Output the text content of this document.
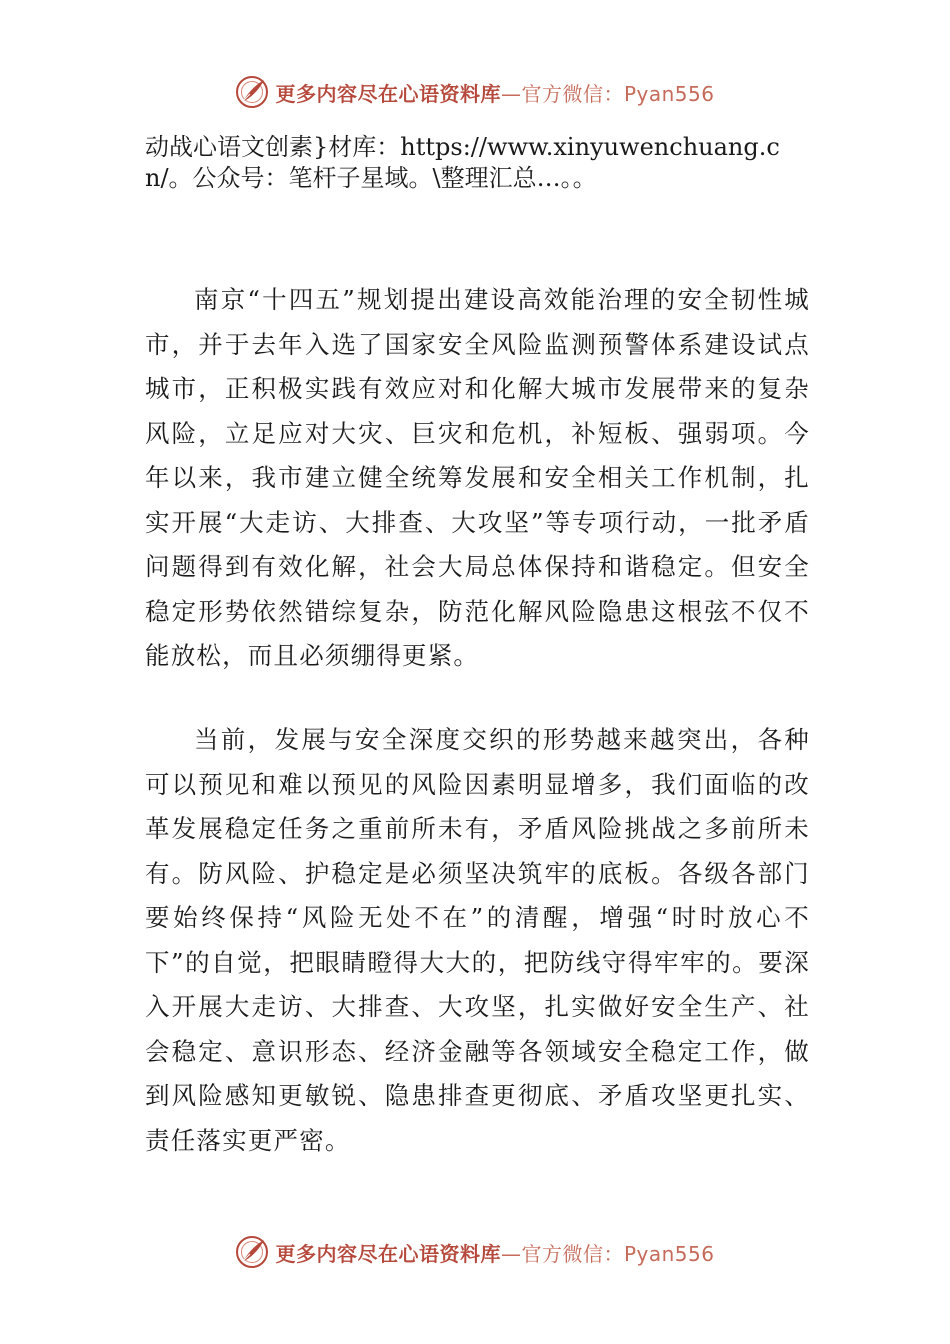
更多内容尽在心语资料库—官方微信：Pyan556

动战心语文创素}材库：https://www.xinyuwenchuang.cn/。公众号：笔杆子星域。\整理汇总…。。

南京“十四五”规划提出建设高效能治理的安全韧性城市，并于去年入选了国家安全风险监测预警体系建设试点城市，正积极实践有效应对和化解大城市发展带来的复杂风险，立足应对大灾、巨灾和危机，补短板、强弱项。今年以来，我市建立健全统筹发展和安全相关工作机制，扎实开展“大走访、大排查、大攻坚”等专项行动，一批矛盾问题得到有效化解，社会大局总体保持和谐稳定。但安全稳定形势依然错综复杂，防范化解风险隐患这根弦不仅不能放松，而且必须绷得更紧。

当前，发展与安全深度交织的形势越来越突出，各种可以预见和难以预见的风险因素明显增多，我们面临的改革发展稳定任务之重前所未有，矛盾风险挑战之多前所未有。防风险、护稳定是必须坚决筑牢的底板。各级各部门要始终保持“风险无处不在”的清醒，增强“时时放心不下”的自觉，把眼睛瞪得大大的，把防线守得牢牢的。要深入开展大走访、大排查、大攻坚，扎实做好安全生产、社会稳定、意识形态、经济金融等各领域安全稳定工作，做到风险感知更敏锐、隐患排查更彻底、矛盾攻坚更扎实、责任落实更严密。

更多内容尽在心语资料库—官方微信：Pyan556
